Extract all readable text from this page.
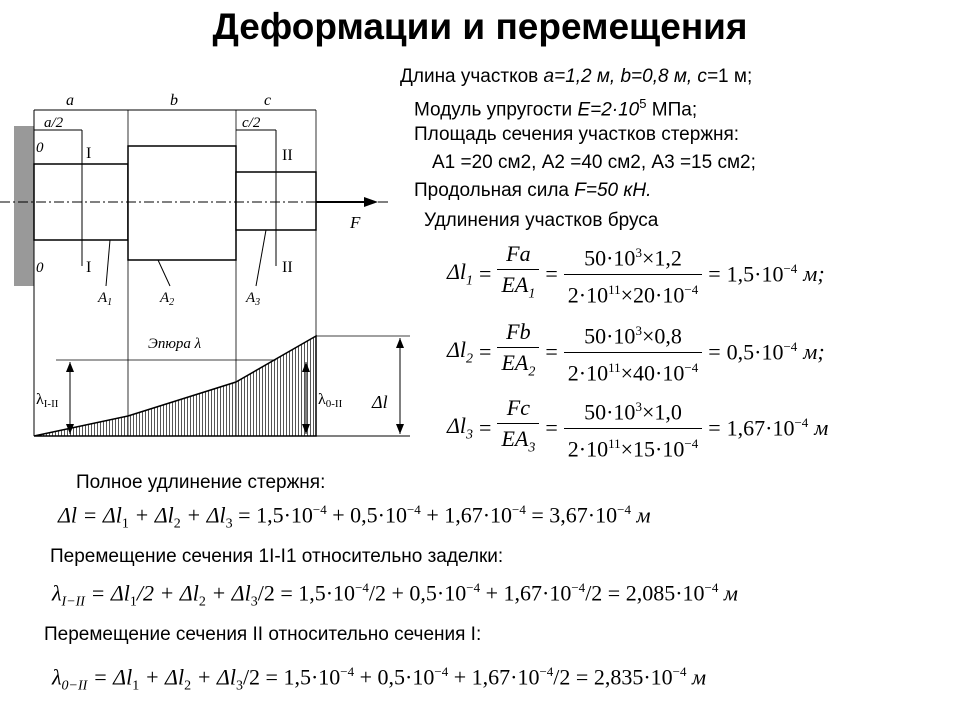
Деформации и перемещения
Длина участков a=1,2 м, b=0,8 м, c=1 м;
Модуль упругости $E=2\cdot 10^5$ МПа;
Площадь сечения участков стержня:
A1 =20 см2, A2 =40 см2, A3 =15 см2;
Продольная сила F=50 кН.
Удлинения участков бруса
a	b	c
a/2	c/2
F
0
0
I
I
II
II
$A_1$	$A_2$	$A_3$
Эпюра λ
λI-II	λ0-II Δl
$\Delta l_1 = \frac{Fa}{EA_1} = \frac{50\cdot 10^3\times 1,2}{2\cdot 10^{11}\times 20\cdot 10^{-4}} = 1,5\cdot 10^{-4}$ м;
$\Delta l_2 = \frac{Fb}{EA_2} = \frac{50\cdot 10^3\times 0,8}{2\cdot 10^{11}\times 40\cdot 10^{-4}} = 0,5\cdot 10^{-4}$ м;
$\Delta l_3 = \frac{Fc}{EA_3} = \frac{50\cdot 10^3\times 1,0}{2\cdot 10^{11}\times 15\cdot 10^{-4}} = 1,67\cdot 10^{-4}$ м
Полное удлинение стержня:
$\Delta l = \Delta l_1 + \Delta l_2 + \Delta l_3 = 1,5\cdot 10^{-4} + 0,5\cdot 10^{-4} + 1,67\cdot 10^{-4} = 3,67\cdot 10^{-4}$ м
Перемещение сечения 1I-I1 относительно заделки:
$\lambda_{I-II} = \Delta l_1/2 + \Delta l_2 + \Delta l_3/2 = 1,5\cdot 10^{-4}/2 + 0,5\cdot 10^{-4} + 1,67\cdot 10^{-4}/2 = 2,085\cdot 10^{-4}$ м
Перемещение сечения II относительно сечения I:
$\lambda_{0-II} = \Delta l_1 + \Delta l_2 + \Delta l_3/2 = 1,5\cdot 10^{-4} + 0,5\cdot 10^{-4} + 1,67\cdot 10^{-4}/2 = 2,835\cdot 10^{-4}$ м
